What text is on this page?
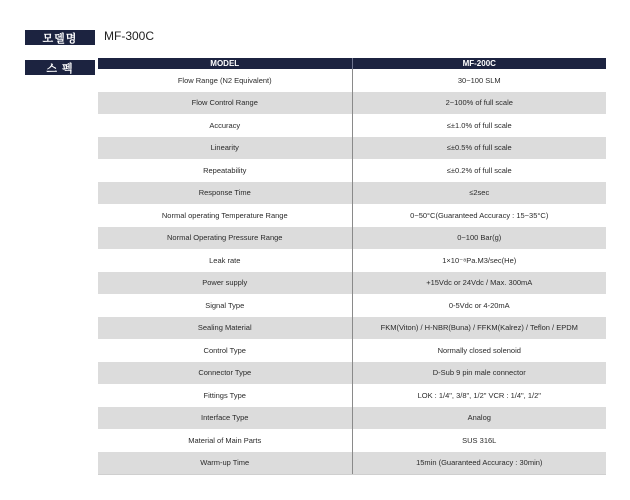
모델명 MF-300C
스 펙	MODEL	MF-200C
Flow Range (N2 Equivalent)	30~100 SLM
Flow Control Range	2~100% of full scale
Accuracy	≤±1.0% of full scale
Linearity	≤±0.5% of full scale
Repeatability	≤±0.2% of full scale
Response Time	≤2sec
Normal operating Temperature Range	0~50°C(Guaranteed Accuracy : 15~35°C)
Normal Operating Pressure Range	0~100 Bar(g)
Leak rate	1×10⁻⁸Pa.M3/sec(He)
Power supply	+15Vdc or 24Vdc / Max. 300mA
Signal Type	0-5Vdc or 4-20mA
Sealing Material	FKM(Viton) / H-NBR(Buna) / FFKM(Kalrez) / Teflon / EPDM
Control Type	Normally closed solenoid
Connector Type	D-Sub 9 pin male connector
Fittings Type	LOK : 1/4", 3/8", 1/2" VCR : 1/4", 1/2"
Interface Type	Analog
Material of Main Parts	SUS 316L
Warm-up Time	15min (Guaranteed Accuracy : 30min)
